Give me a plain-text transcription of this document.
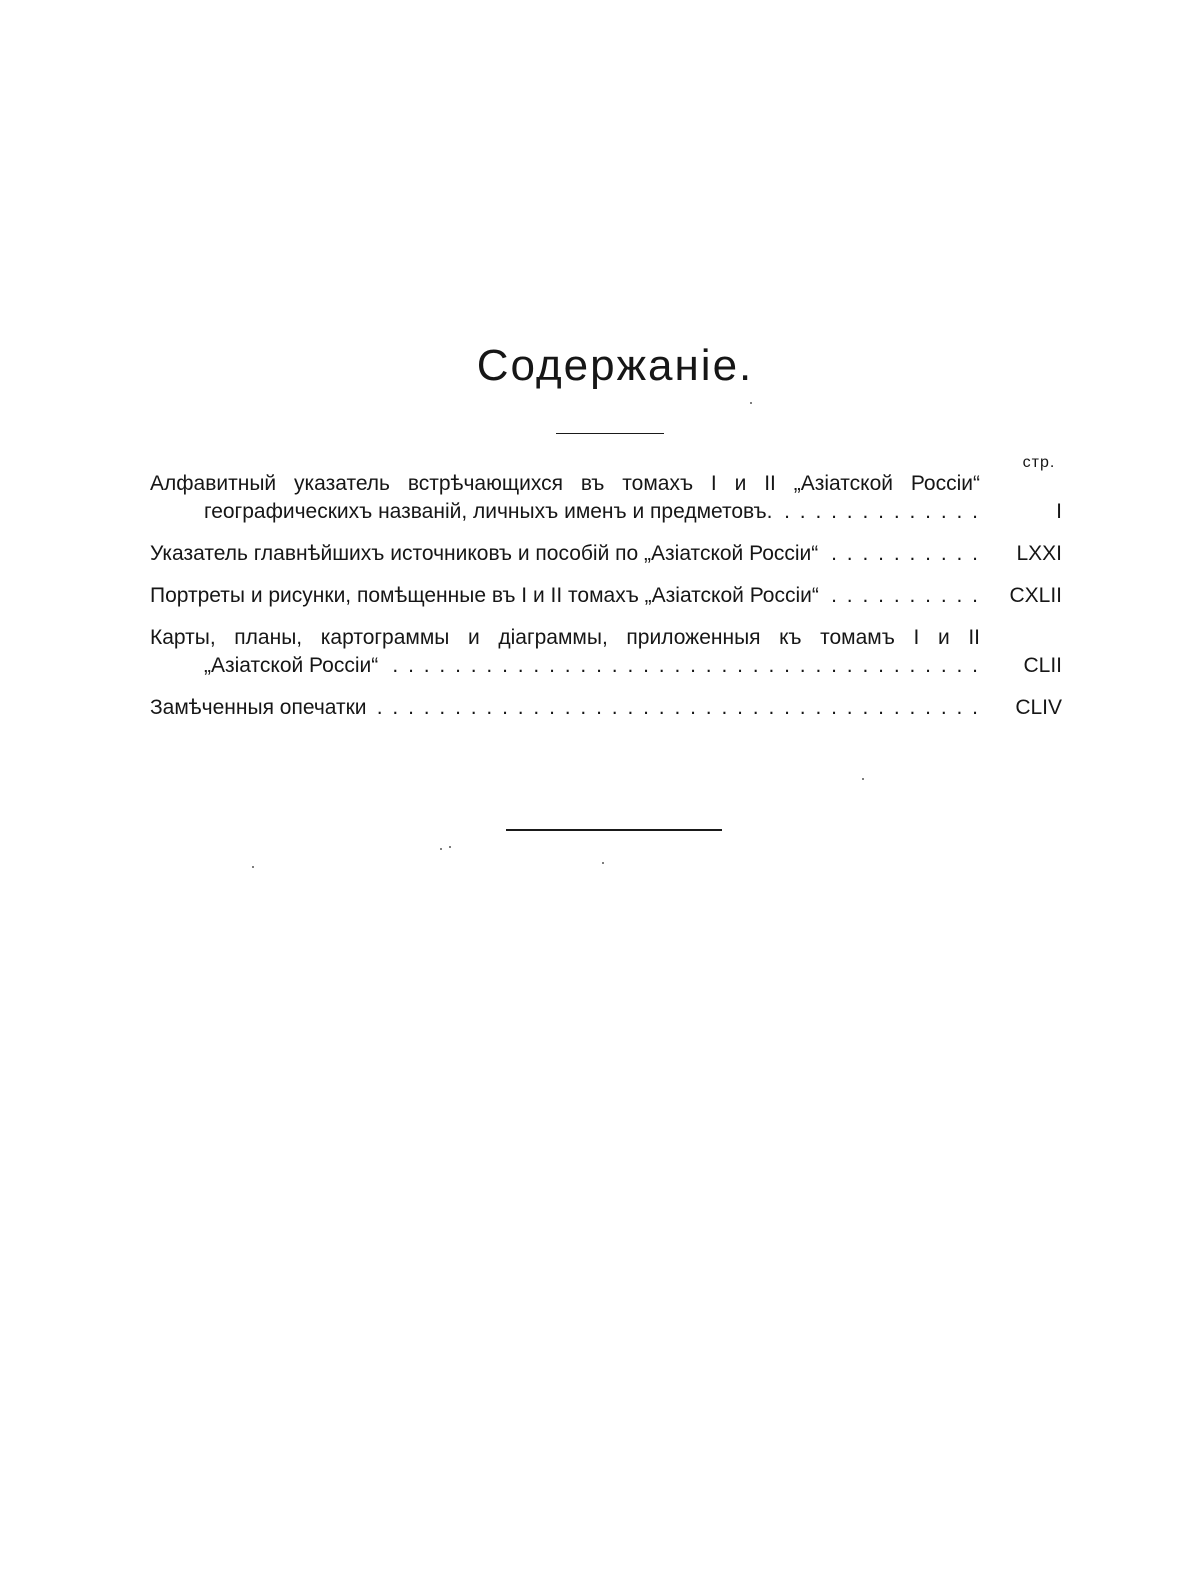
Содержаніе.
стр.
Алфавитный указатель встрѣчающихся въ томахъ I и II „Азіатской Россіи“
географическихъ названій, личныхъ именъ и предметовъ. . . .	I
Указатель главнѣйшихъ источниковъ и пособій по „Азіатской Россіи“ . . .	LXXI
Портреты и рисунки, помѣщенные въ I и II томахъ „Азіатской Россіи“ . . .	CXLII
Карты, планы, картограммы и діаграммы, приложенныя къ томамъ I и II
„Азіатской Россіи“ . . .	CLII
Замѣченныя опечатки . . .	CLIV
